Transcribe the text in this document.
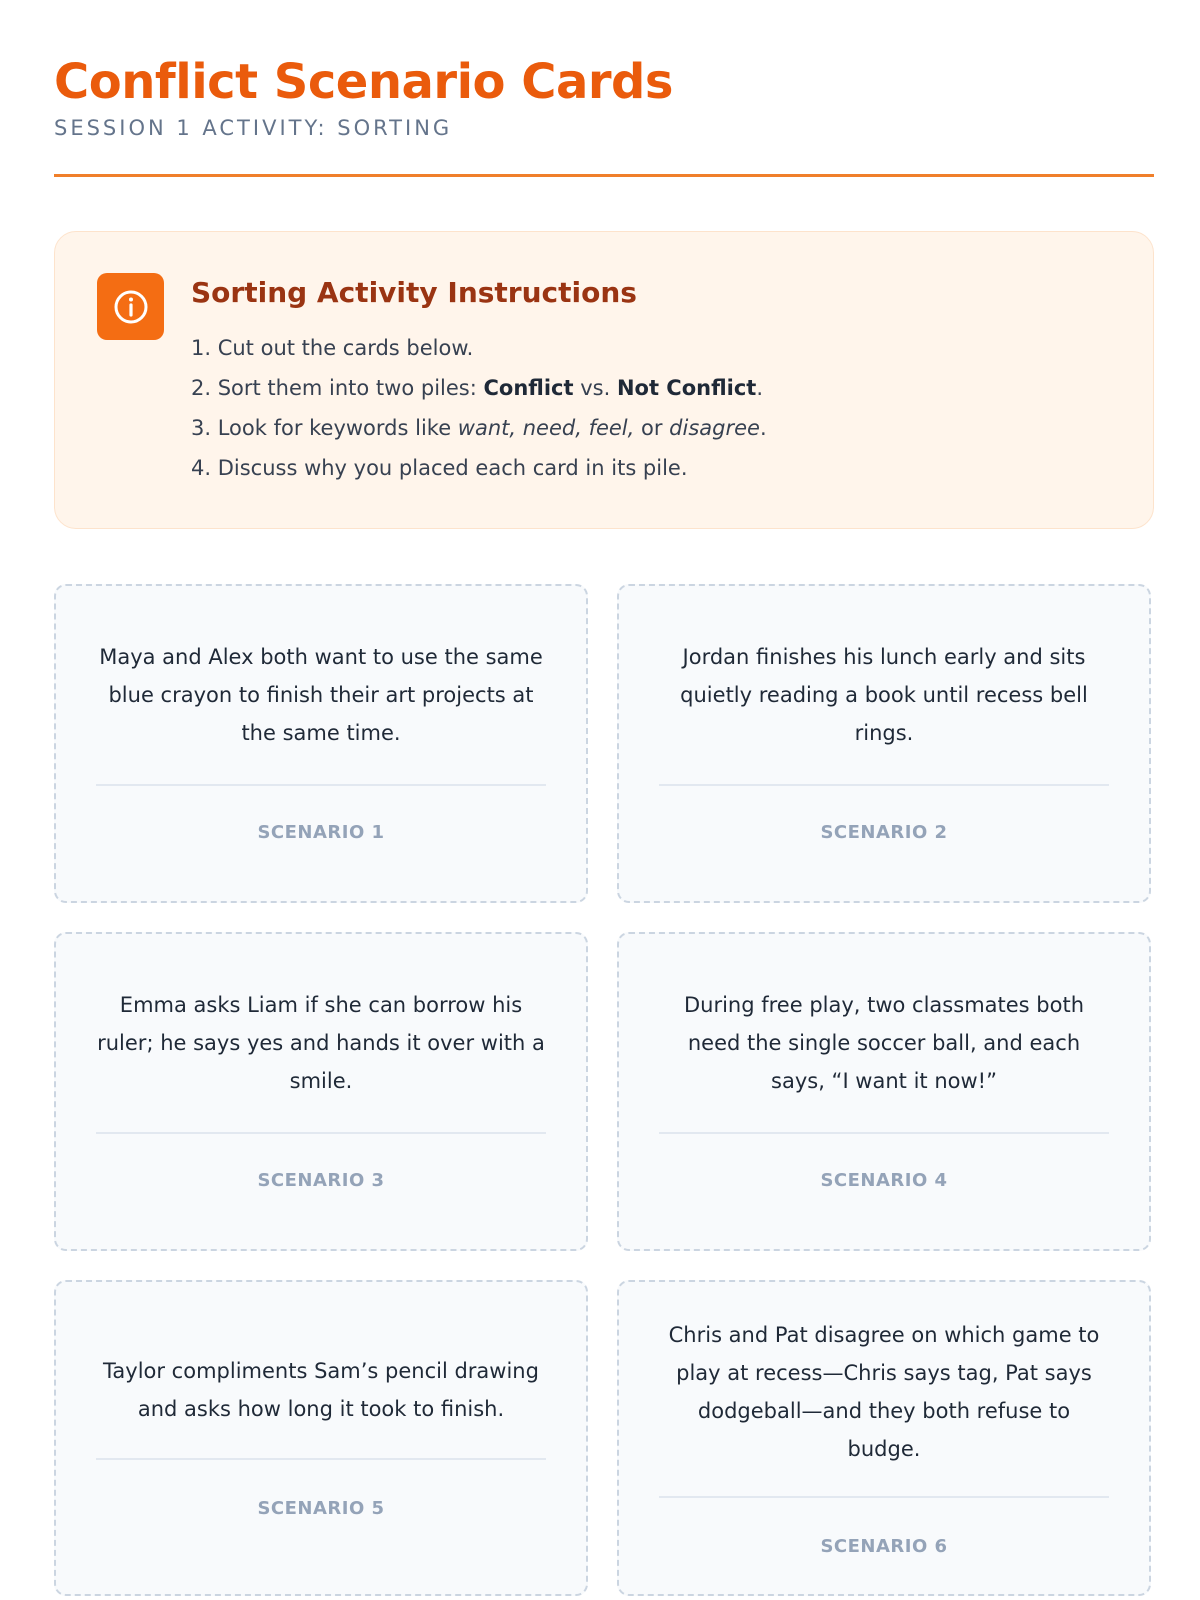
Conflict Scenario Cards
SESSION 1 ACTIVITY: SORTING
Sorting Activity Instructions
1. Cut out the cards below.
2. Sort them into two piles: Conflict vs. Not Conflict.
3. Look for keywords like want, need, feel, or disagree.
4. Discuss why you placed each card in its pile.
Maya and Alex both want to use the same blue crayon to finish their art projects at the same time.
SCENARIO 1
Jordan finishes his lunch early and sits quietly reading a book until recess bell rings.
SCENARIO 2
Emma asks Liam if she can borrow his ruler; he says yes and hands it over with a smile.
SCENARIO 3
During free play, two classmates both need the single soccer ball, and each says, “I want it now!”
SCENARIO 4
Taylor compliments Sam’s pencil drawing and asks how long it took to finish.
SCENARIO 5
Chris and Pat disagree on which game to play at recess—Chris says tag, Pat says dodgeball—and they both refuse to budge.
SCENARIO 6
